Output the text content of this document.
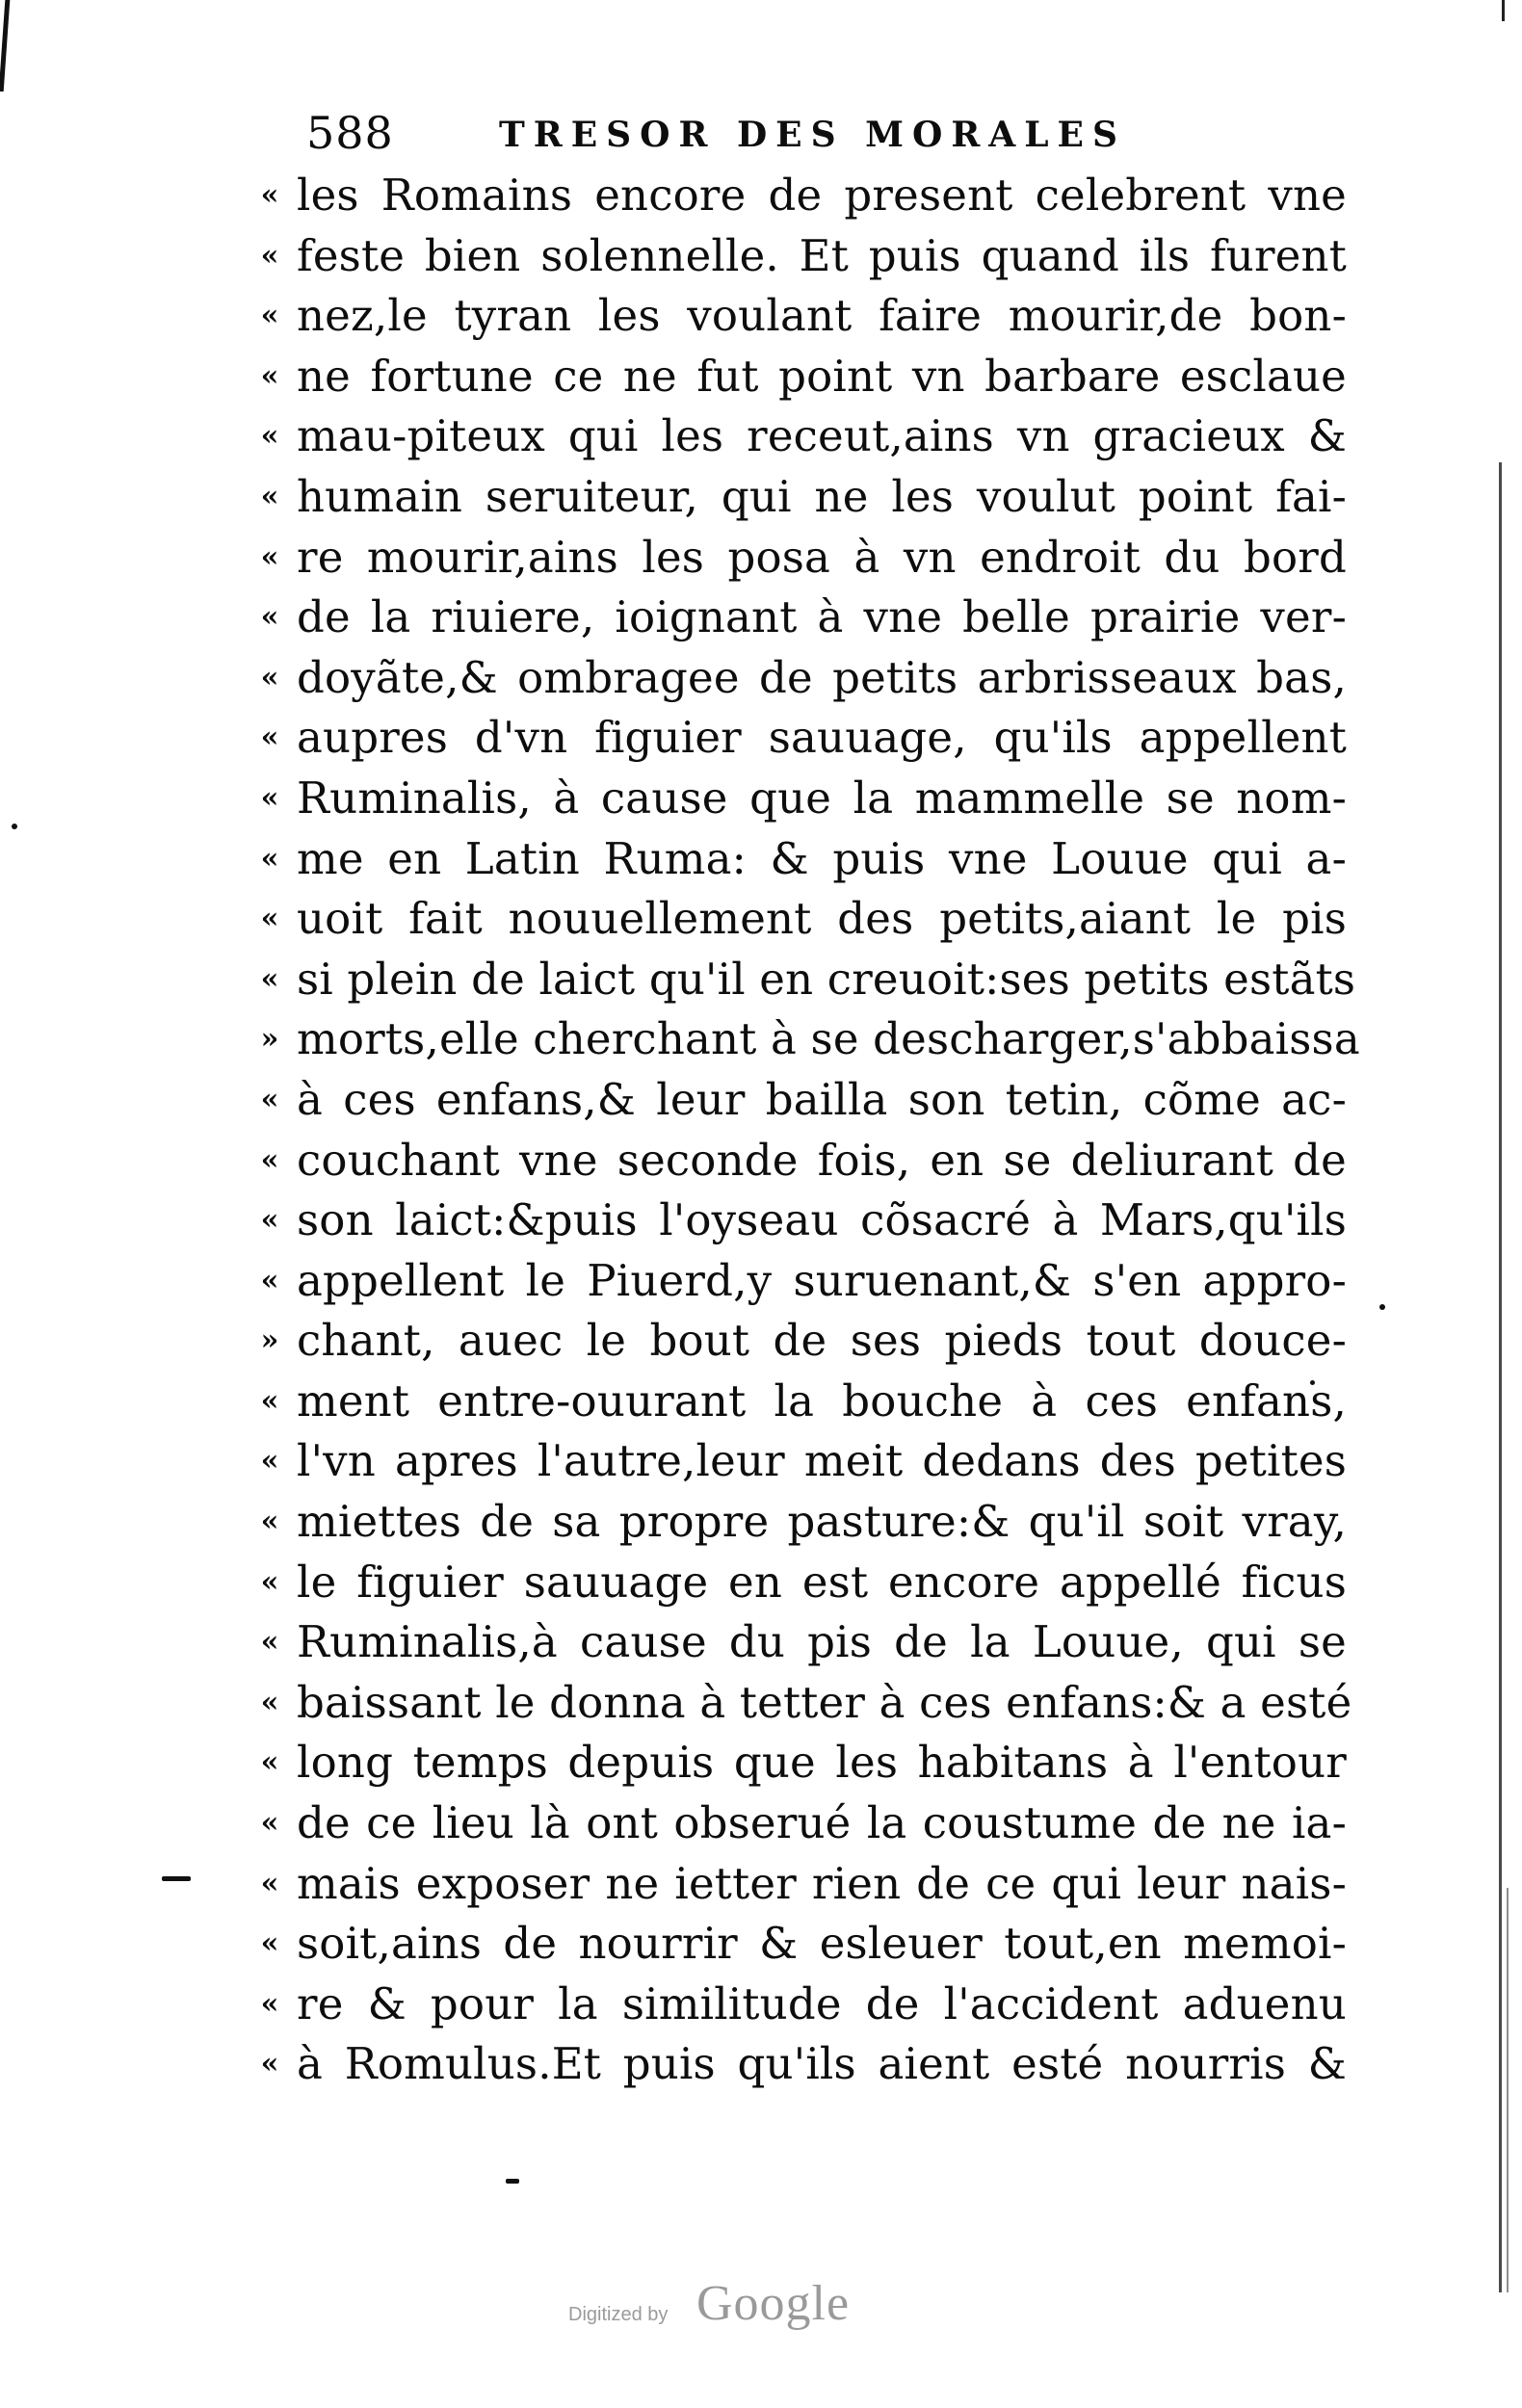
588	TRESOR DES MORALES
« les Romains encore de present celebrent vne
« feste bien solennelle. Et puis quand ils furent
« nez,le tyran les voulant faire mourir,de bon-
« ne fortune ce ne fut point vn barbare esclaue
« mau-piteux qui les receut,ains vn gracieux &
« humain seruiteur, qui ne les voulut point fai-
« re mourir,ains les posa à vn endroit du bord
« de la riuiere, ioignant à vne belle prairie ver-
« doyãte,& ombragee de petits arbrisseaux bas,
« aupres d'vn figuier sauuage, qu'ils appellent
« Ruminalis, à cause que la mammelle se nom-
« me en Latin Ruma: & puis vne Louue qui a-
« uoit fait nouuellement des petits,aiant le pis
« si plein de laict qu'il en creuoit:ses petits estãts
» morts,elle cherchant à se descharger,s'abbaissa
« à ces enfans,& leur bailla son tetin, cõme ac-
« couchant vne seconde fois, en se deliurant de
« son laict:&puis l'oyseau cõsacré à Mars,qu'ils
« appellent le Piuerd,y suruenant,& s'en appro-
» chant, auec le bout de ses pieds tout douce-
« ment entre-ouurant la bouche à ces enfans,
« l'vn apres l'autre,leur meit dedans des petites
« miettes de sa propre pasture:& qu'il soit vray,
« le figuier sauuage en est encore appellé ficus
« Ruminalis,à cause du pis de la Louue, qui se
« baissant le donna à tetter à ces enfans:& a esté
« long temps depuis que les habitans à l'entour
« de ce lieu là ont obserué la coustume de ne ia-
« mais exposer ne ietter rien de ce qui leur nais-
« soit,ains de nourrir & esleuer tout,en memoi-
« re & pour la similitude de l'accident aduenu
« à Romulus.Et puis qu'ils aient esté nourris &
Digitized by Google
